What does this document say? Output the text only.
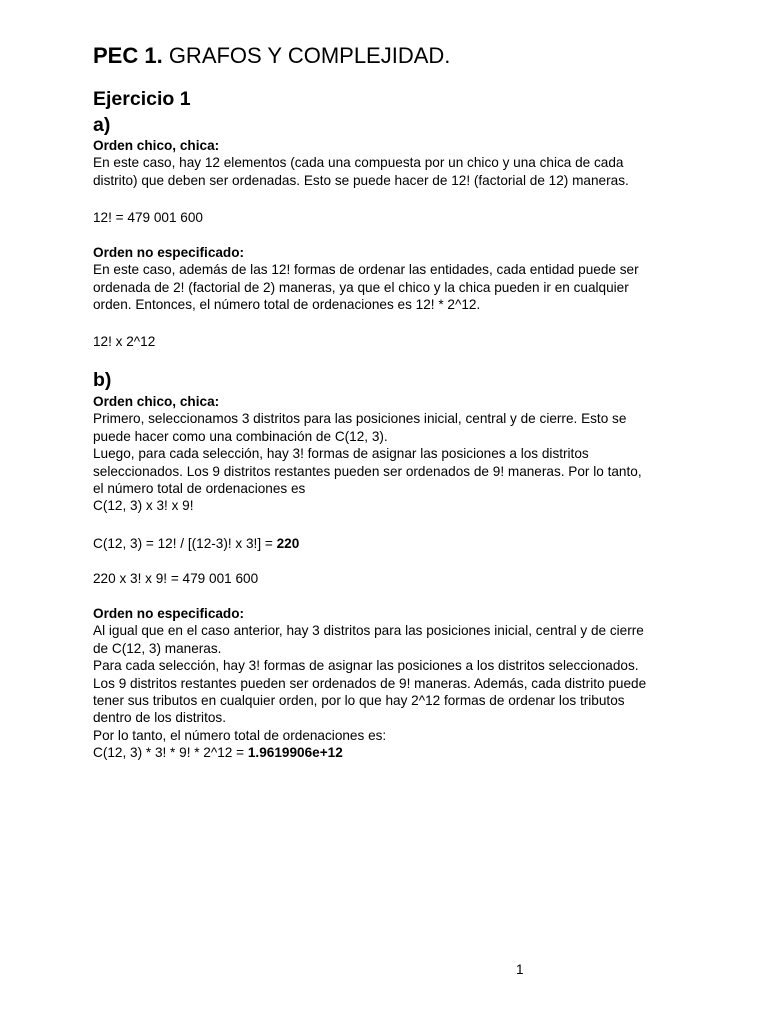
PEC 1. GRAFOS Y COMPLEJIDAD.
Ejercicio 1
a)
Orden chico, chica:
En este caso, hay 12 elementos (cada una compuesta por un chico y una chica de cada
distrito) que deben ser ordenadas. Esto se puede hacer de 12! (factorial de 12) maneras.
12! = 479 001 600
Orden no especificado:
En este caso, además de las 12! formas de ordenar las entidades, cada entidad puede ser
ordenada de 2! (factorial de 2) maneras, ya que el chico y la chica pueden ir en cualquier
orden. Entonces, el número total de ordenaciones es 12! * 2^12.
12! x 2^12
b)
Orden chico, chica:
Primero, seleccionamos 3 distritos para las posiciones inicial, central y de cierre. Esto se
puede hacer como una combinación de C(12, 3).
Luego, para cada selección, hay 3! formas de asignar las posiciones a los distritos
seleccionados. Los 9 distritos restantes pueden ser ordenados de 9! maneras. Por lo tanto,
el número total de ordenaciones es
C(12, 3) x 3! x 9!
C(12, 3) = 12! / [(12-3)! x 3!] = 220
220 x 3! x 9! = 479 001 600
Orden no especificado:
Al igual que en el caso anterior, hay 3 distritos para las posiciones inicial, central y de cierre
de C(12, 3) maneras.
Para cada selección, hay 3! formas de asignar las posiciones a los distritos seleccionados.
Los 9 distritos restantes pueden ser ordenados de 9! maneras. Además, cada distrito puede
tener sus tributos en cualquier orden, por lo que hay 2^12 formas de ordenar los tributos
dentro de los distritos.
Por lo tanto, el número total de ordenaciones es:
C(12, 3) * 3! * 9! * 2^12 = 1.9619906e+12
1
